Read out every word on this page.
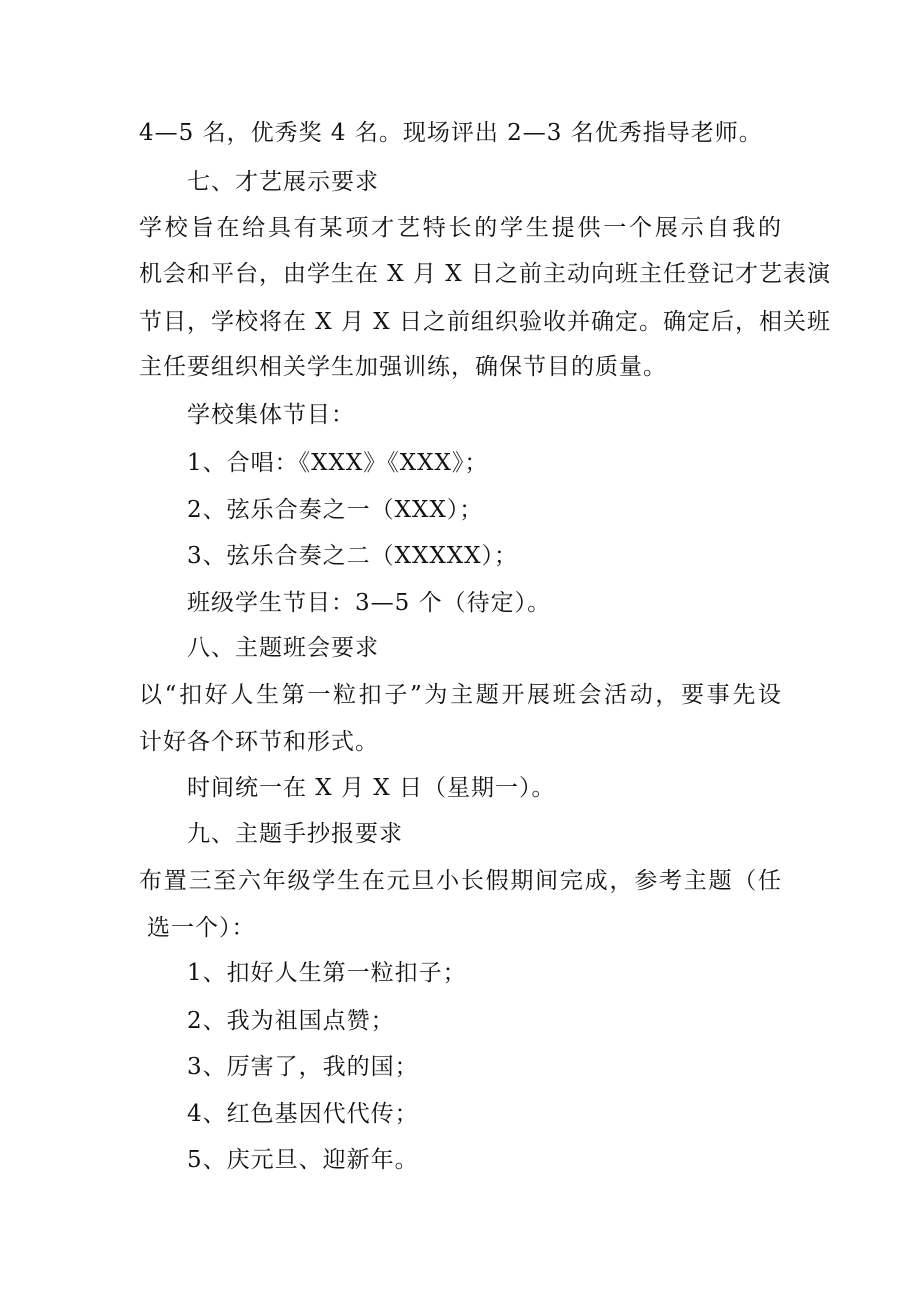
4—5 名，优秀奖 4 名。现场评出 2—3 名优秀指导老师。
七、才艺展示要求
学校旨在给具有某项才艺特长的学生提供一个展示自我的
机会和平台，由学生在 X 月 X 日之前主动向班主任登记才艺表演
节目，学校将在 X 月 X 日之前组织验收并确定。确定后，相关班
主任要组织相关学生加强训练，确保节目的质量。
学校集体节目：
1、合唱：《XXX》《XXX》；
2、弦乐合奏之一（XXX）；
3、弦乐合奏之二（XXXXX）；
班级学生节目：3—5 个（待定）。
八、主题班会要求
以“扣好人生第一粒扣子”为主题开展班会活动，要事先设
计好各个环节和形式。
时间统一在 X 月 X 日（星期一）。
九、主题手抄报要求
布置三至六年级学生在元旦小长假期间完成，参考主题（任
选一个）：
1、扣好人生第一粒扣子；
2、我为祖国点赞；
3、厉害了，我的国；
4、红色基因代代传；
5、庆元旦、迎新年。
